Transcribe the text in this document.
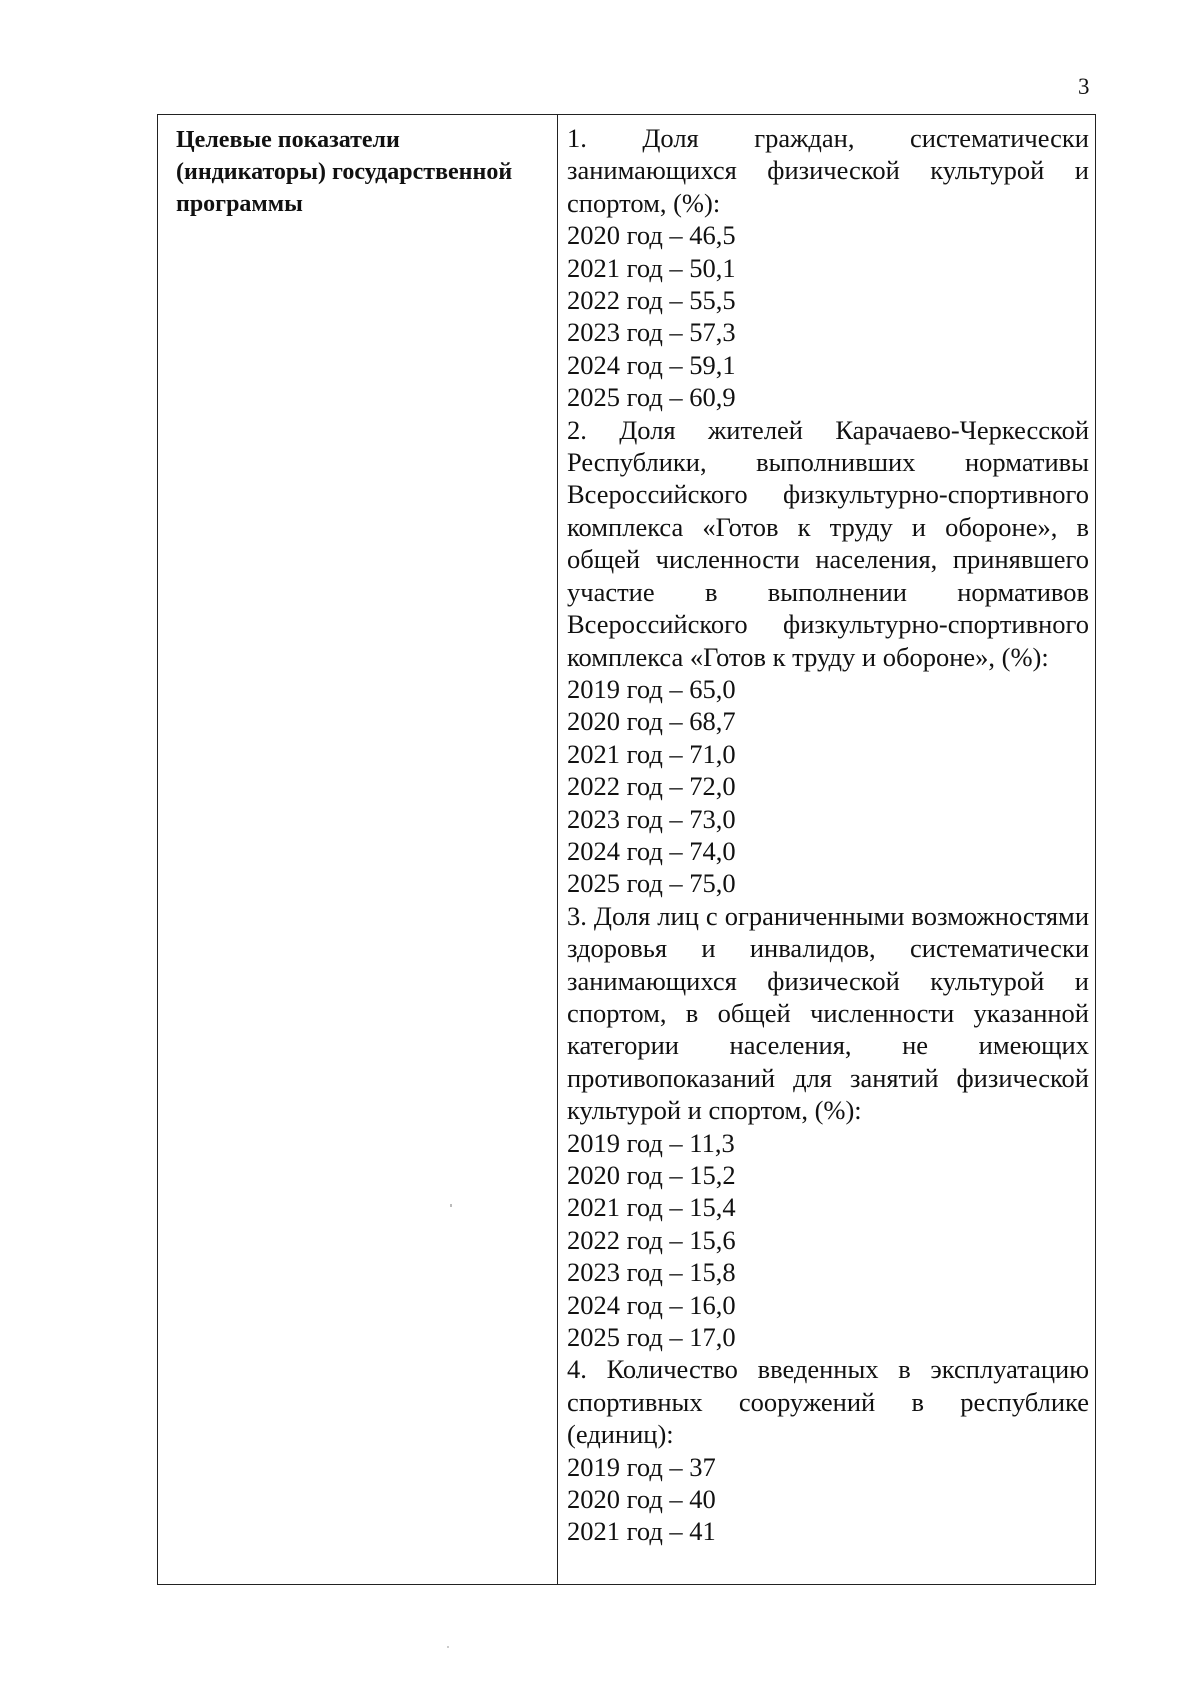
3
Целевые показатели (индикаторы) государственной программы

1. Доля граждан, систематически занимающихся физической культурой и спортом, (%):

2020 год – 46,5

2021 год – 50,1

2022 год – 55,5

2023 год – 57,3

2024 год – 59,1

2025 год – 60,9

2. Доля жителей Карачаево-Черкесской Республики, выполнивших нормативы Всероссийского физкультурно-спортивного комплекса «Готов к труду и обороне», в общей численности населения, принявшего участие в выполнении нормативов Всероссийского физкультурно-спортивного комплекса «Готов к труду и обороне», (%):

2019 год – 65,0

2020 год – 68,7

2021 год – 71,0

2022 год – 72,0

2023 год – 73,0

2024 год – 74,0

2025 год – 75,0

3. Доля лиц с ограниченными возможностями здоровья и инвалидов, систематически занимающихся физической культурой и спортом, в общей численности указанной категории населения, не имеющих противопоказаний для занятий физической культурой и спортом, (%):

2019 год – 11,3

2020 год – 15,2

2021 год – 15,4

2022 год – 15,6

2023 год – 15,8

2024 год – 16,0

2025 год – 17,0

4. Количество введенных в эксплуатацию спортивных сооружений в республике (единиц):

2019 год – 37

2020 год – 40

2021 год – 41
